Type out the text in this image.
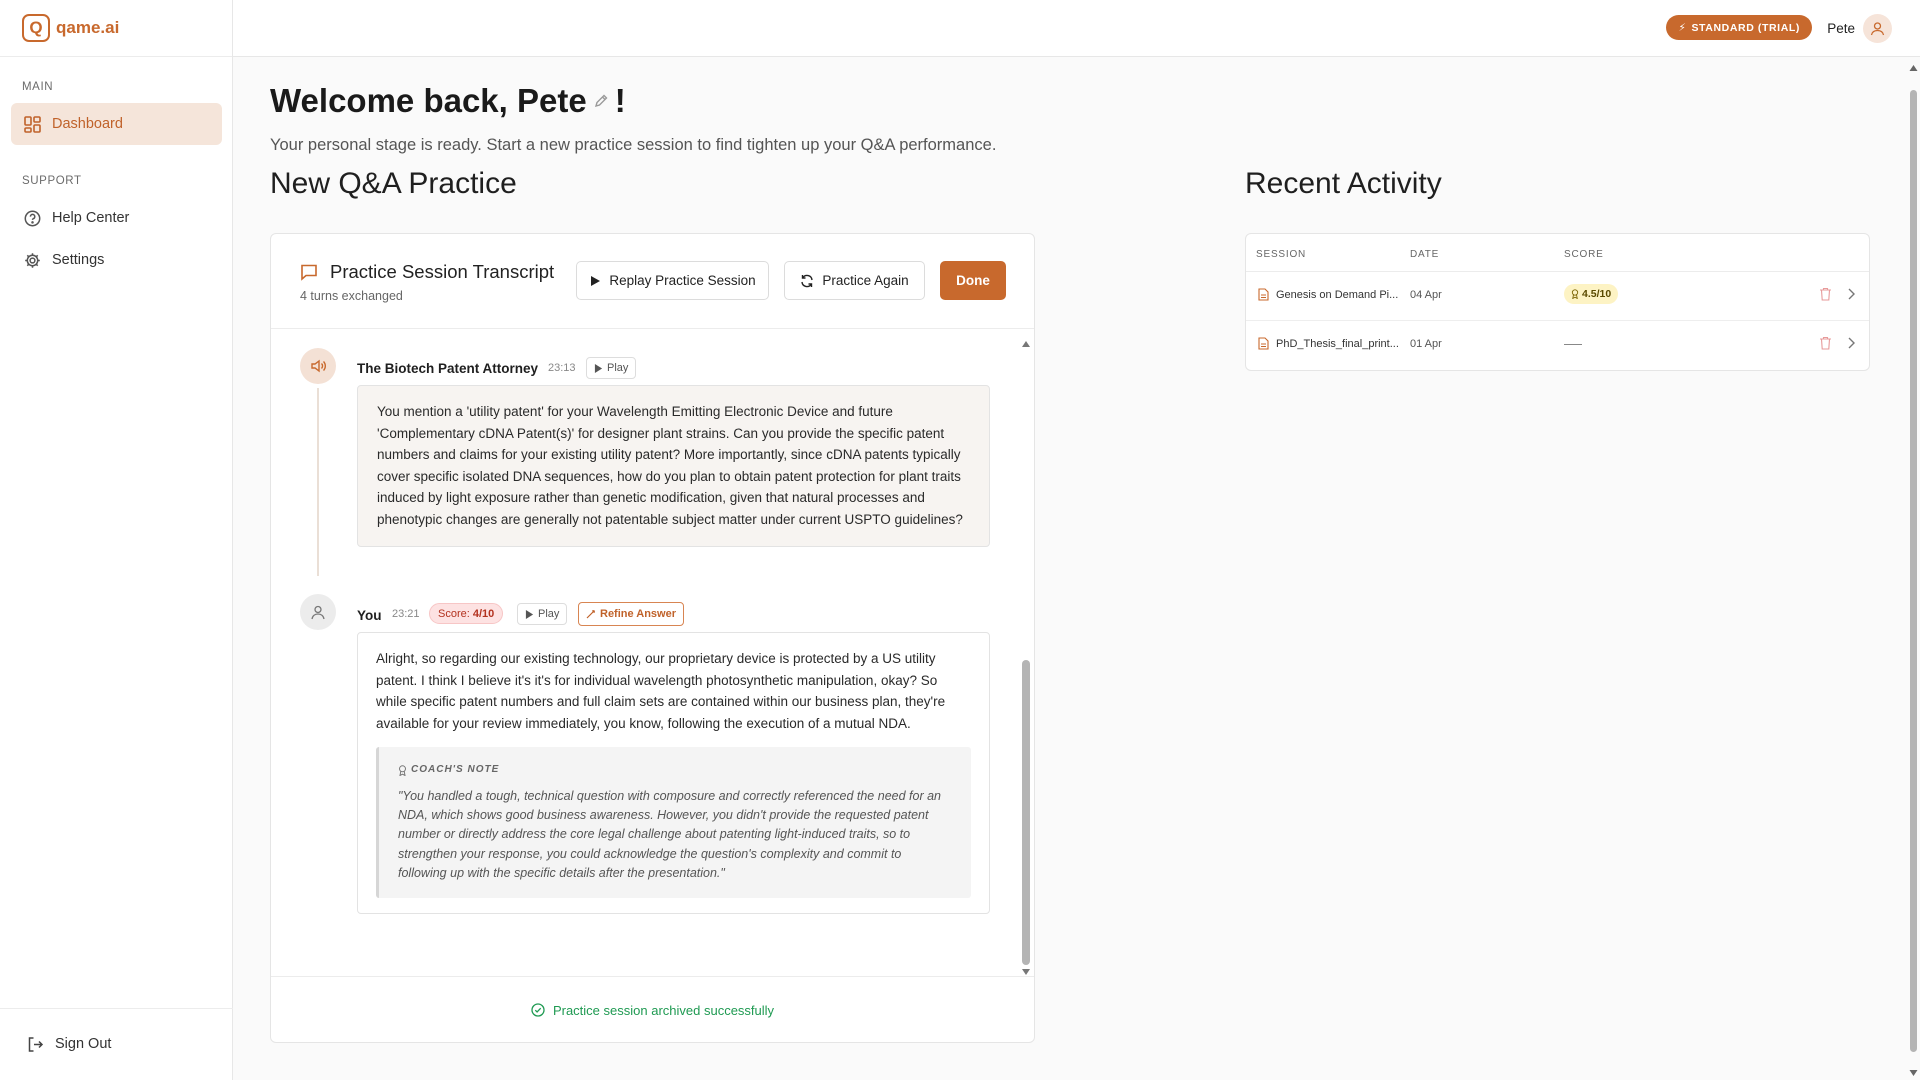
Q qame.ai
MAIN
Dashboard
SUPPORT
Help Center
Settings
Sign Out
⚡ STANDARD (TRIAL) Pete
Welcome back, Pete !
Your personal stage is ready. Start a new practice session to find tighten up your Q&A performance.
New Q&A Practice	Recent Activity
Practice Session Transcript
4 turns exchanged
Replay Practice Session	Practice Again	Done
The Biotech Patent Attorney 23:13	Play
You mention a 'utility patent' for your Wavelength Emitting Electronic Device and future 'Complementary cDNA Patent(s)' for designer plant strains. Can you provide the specific patent numbers and claims for your existing utility patent? More importantly, since cDNA patents typically cover specific isolated DNA sequences, how do you plan to obtain patent protection for plant traits induced by light exposure rather than genetic modification, given that natural processes and phenotypic changes are generally not patentable subject matter under current USPTO guidelines?
You 23:21 Score: 4/10	Play	Refine Answer
Alright, so regarding our existing technology, our proprietary device is protected by a US utility patent. I think I believe it's it's for individual wavelength photosynthetic manipulation, okay? So while specific patent numbers and full claim sets are contained within our business plan, they're available for your review immediately, you know, following the execution of a mutual NDA.
COACH'S NOTE
"You handled a tough, technical question with composure and correctly referenced the need for an NDA, which shows good business awareness. However, you didn't provide the requested patent number or directly address the core legal challenge about patenting light-induced traits, so to strengthen your response, you could acknowledge the question's complexity and commit to following up with the specific details after the presentation."
Practice session archived successfully
SESSION	DATE	SCORE
Genesis on Demand Pi... 04 Apr	4.5/10
PhD_Thesis_final_print... 01 Apr
